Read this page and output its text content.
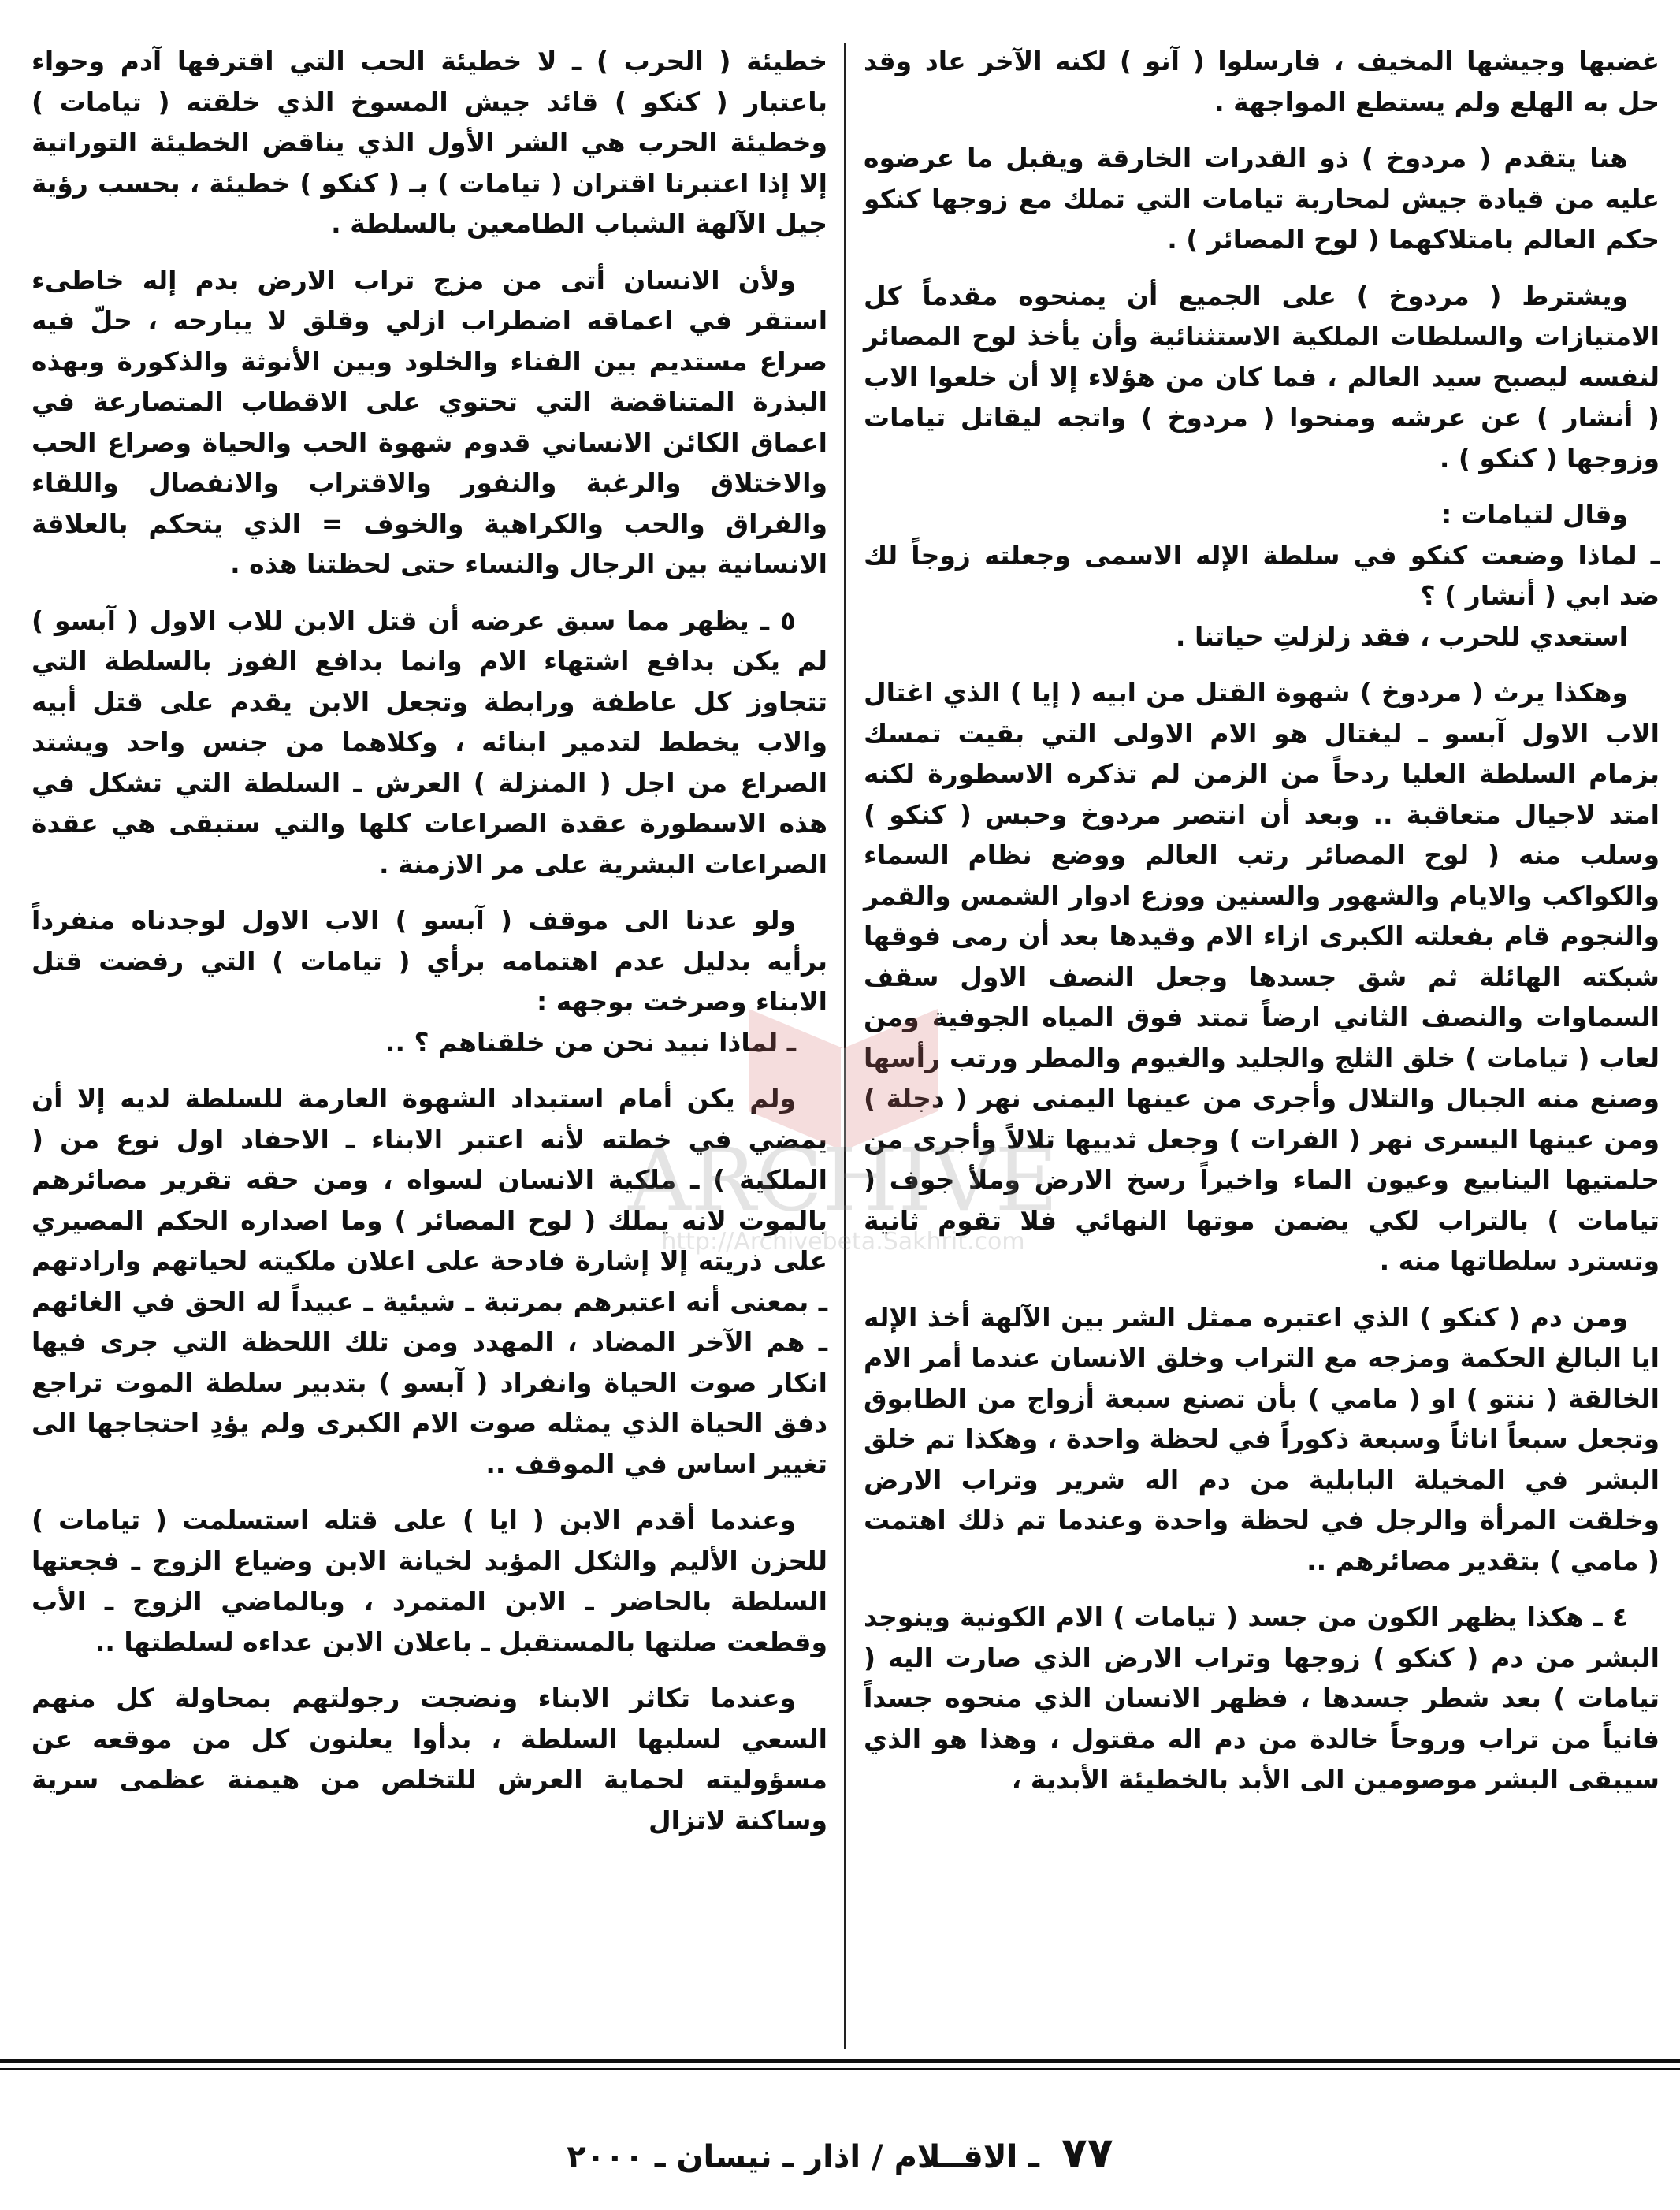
غضبها وجيشها المخيف ، فارسلوا ( آنو ) لكنه الآخر عاد وقد حل به الهلع ولم يستطع المواجهة .

هنا يتقدم ( مردوخ ) ذو القدرات الخارقة ويقبل ما عرضوه عليه من قيادة جيش لمحاربة تيامات التي تملك مع زوجها كنكو حكم العالم بامتلاكهما ( لوح المصائر ) .

ويشترط ( مردوخ ) على الجميع أن يمنحوه مقدماً كل الامتيازات والسلطات الملكية الاستثنائية وأن يأخذ لوح المصائر لنفسه ليصبح سيد العالم ، فما كان من هؤلاء إلا أن خلعوا الاب ( أنشار ) عن عرشه ومنحوا ( مردوخ ) واتجه ليقاتل تيامات وزوجها ( كنكو ) .

وقال لتيامات :

ـ لماذا وضعت كنكو في سلطة الإله الاسمى وجعلته زوجاً لك ضد ابي ( أنشار ) ؟

استعدي للحرب ، فقد زلزلتِ حياتنا .

وهكذا يرث ( مردوخ ) شهوة القتل من ابيه ( إيا ) الذي اغتال الاب الاول آبسو ـ ليغتال هو الام الاولى التي بقيت تمسك بزمام السلطة العليا ردحاً من الزمن لم تذكره الاسطورة لكنه امتد لاجيال متعاقبة .. وبعد أن انتصر مردوخ وحبس ( كنكو ) وسلب منه ( لوح المصائر رتب العالم ووضع نظام السماء والكواكب والايام والشهور والسنين ووزع ادوار الشمس والقمر والنجوم قام بفعلته الكبرى ازاء الام وقيدها بعد أن رمى فوقها شبكته الهائلة ثم شق جسدها وجعل النصف الاول سقف السماوات والنصف الثاني ارضاً تمتد فوق المياه الجوفية ومن لعاب ( تيامات ) خلق الثلج والجليد والغيوم والمطر ورتب رأسها وصنع منه الجبال والتلال وأجرى من عينها اليمنى نهر ( دجلة ) ومن عينها اليسرى نهر ( الفرات ) وجعل ثدييها تلالاً وأجرى من حلمتيها الينابيع وعيون الماء واخيراً رسخ الارض وملأ جوف ( تيامات ) بالتراب لكي يضمن موتها النهائي فلا تقوم ثانية وتسترد سلطاتها منه .

ومن دم ( كنكو ) الذي اعتبره ممثل الشر بين الآلهة أخذ الإله ايا البالغ الحكمة ومزجه مع التراب وخلق الانسان عندما أمر الام الخالقة ( ننتو ) او ( مامي ) بأن تصنع سبعة أزواج من الطابوق وتجعل سبعاً اناثاً وسبعة ذكوراً في لحظة واحدة ، وهكذا تم خلق البشر في المخيلة البابلية من دم اله شرير وتراب الارض وخلقت المرأة والرجل في لحظة واحدة وعندما تم ذلك اهتمت ( مامي ) بتقدير مصائرهم ..

٤ ـ هكذا يظهر الكون من جسد ( تيامات ) الام الكونية وينوجد البشر من دم ( كنكو ) زوجها وتراب الارض الذي صارت اليه ( تيامات ) بعد شطر جسدها ، فظهر الانسان الذي منحوه جسداً فانياً من تراب وروحاً خالدة من دم اله مقتول ، وهذا هو الذي سيبقى البشر موصومين الى الأبد بالخطيئة الأبدية ،

خطيئة ( الحرب ) ـ لا خطيئة الحب التي اقترفها آدم وحواء باعتبار ( كنكو ) قائد جيش المسوخ الذي خلقته ( تيامات ) وخطيئة الحرب هي الشر الأول الذي يناقض الخطيئة التوراتية إلا إذا اعتبرنا اقتران ( تيامات ) بـ ( كنكو ) خطيئة ، بحسب رؤية جيل الآلهة الشباب الطامعين بالسلطة .

ولأن الانسان أتى من مزج تراب الارض بدم إله خاطىء استقر في اعماقه اضطراب ازلي وقلق لا يبارحه ، حلّ فيه صراع مستديم بين الفناء والخلود وبين الأنوثة والذكورة وبهذه البذرة المتناقضة التي تحتوي على الاقطاب المتصارعة في اعماق الكائن الانساني قدوم شهوة الحب والحياة وصراع الحب والاختلاق والرغبة والنفور والاقتراب والانفصال واللقاء والفراق والحب والكراهية والخوف = الذي يتحكم بالعلاقة الانسانية بين الرجال والنساء حتى لحظتنا هذه .

٥ ـ يظهر مما سبق عرضه أن قتل الابن للاب الاول ( آبسو ) لم يكن بدافع اشتهاء الام وانما بدافع الفوز بالسلطة التي تتجاوز كل عاطفة ورابطة وتجعل الابن يقدم على قتل أبيه والاب يخطط لتدمير ابنائه ، وكلاهما من جنس واحد ويشتد الصراع من اجل ( المنزلة ) العرش ـ السلطة التي تشكل في هذه الاسطورة عقدة الصراعات كلها والتي ستبقى هي عقدة الصراعات البشرية على مر الازمنة .

ولو عدنا الى موقف ( آبسو ) الاب الاول لوجدناه منفرداً برأيه بدليل عدم اهتمامه برأي ( تيامات ) التي رفضت قتل الابناء وصرخت بوجهه :

ـ لماذا نبيد نحن من خلقناهم ؟ ..

ولم يكن أمام استبداد الشهوة العارمة للسلطة لديه إلا أن يمضي في خطته لأنه اعتبر الابناء ـ الاحفاد اول نوع من ( الملكية ) ـ ملكية الانسان لسواه ، ومن حقه تقرير مصائرهم بالموت لانه يملك ( لوح المصائر ) وما اصداره الحكم المصيري على ذريته إلا إشارة فادحة على اعلان ملكيته لحياتهم وارادتهم ـ بمعنى أنه اعتبرهم بمرتبة ـ شيئية ـ عبيداً له الحق في الغائهم ـ هم الآخر المضاد ، المهدد ومن تلك اللحظة التي جرى فيها انكار صوت الحياة وانفراد ( آبسو ) بتدبير سلطة الموت تراجع دفق الحياة الذي يمثله صوت الام الكبرى ولم يؤدِ احتجاجها الى تغيير اساس في الموقف ..

وعندما أقدم الابن ( ايا ) على قتله استسلمت ( تيامات ) للحزن الأليم والثكل المؤبد لخيانة الابن وضياع الزوج ـ فجعتها السلطة بالحاضر ـ الابن المتمرد ، وبالماضي الزوج ـ الأب وقطعت صلتها بالمستقبل ـ باعلان الابن عداءه لسلطتها ..

وعندما تكاثر الابناء ونضجت رجولتهم بمحاولة كل منهم السعي لسلبها السلطة ، بدأوا يعلنون كل من موقعه عن مسؤوليته لحماية العرش للتخلص من هيمنة عظمى سرية وساكنة لاتزال

ARCHIVE
http://Archivebeta.Sakhrit.com
٧٧ ـ الاقــلام / اذار ـ نيسان ـ ٢٠٠٠
